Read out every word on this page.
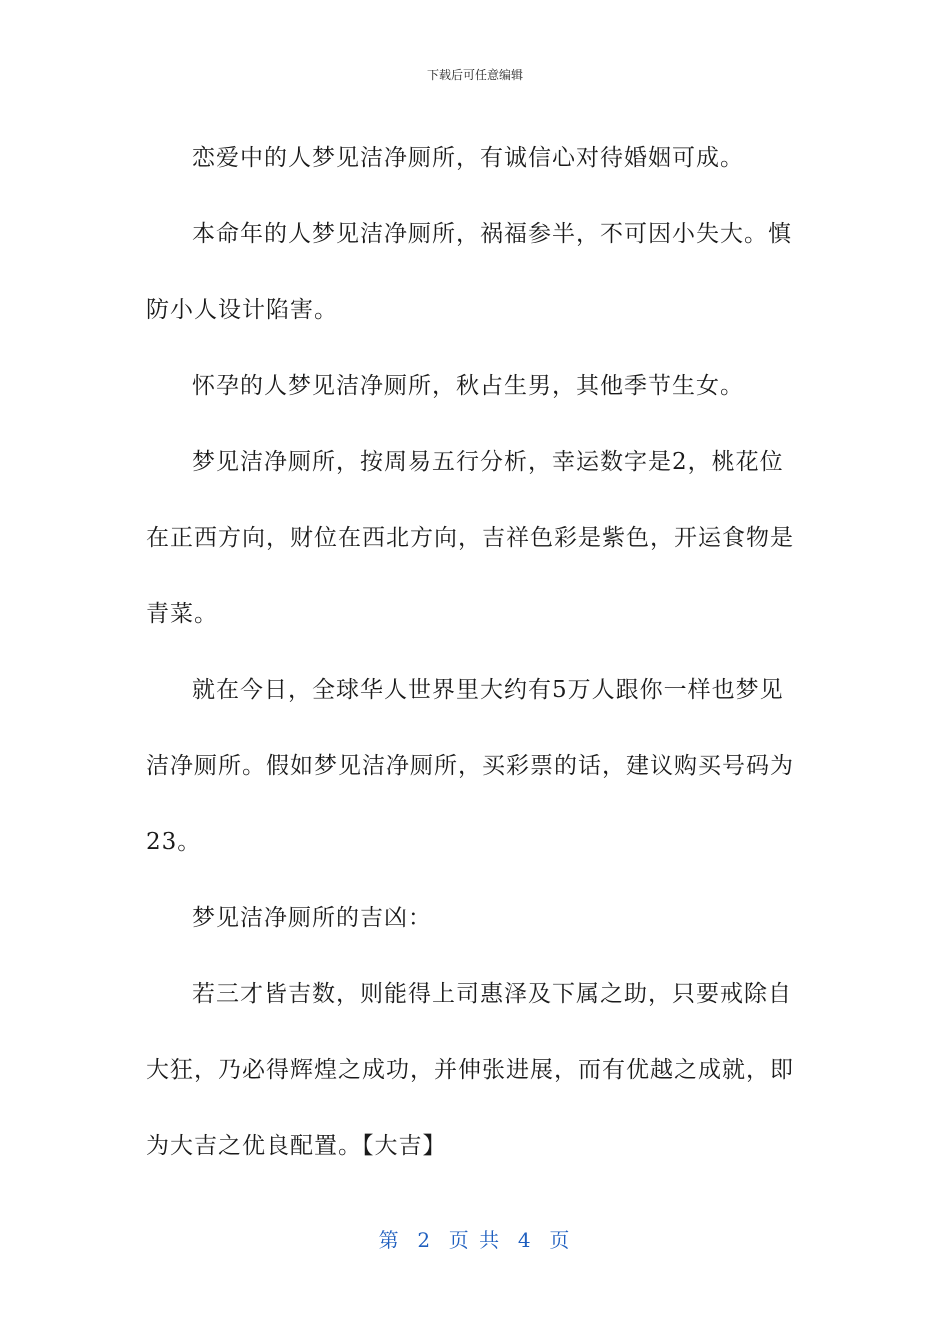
下载后可任意编辑

恋爱中的人梦见洁净厕所，有诚信心对待婚姻可成。

本命年的人梦见洁净厕所，祸福参半，不可因小失大。慎防小人设计陷害。

怀孕的人梦见洁净厕所，秋占生男，其他季节生女。

梦见洁净厕所，按周易五行分析，幸运数字是2，桃花位在正西方向，财位在西北方向，吉祥色彩是紫色，开运食物是青菜。

就在今日，全球华人世界里大约有5万人跟你一样也梦见洁净厕所。假如梦见洁净厕所，买彩票的话，建议购买号码为23。

梦见洁净厕所的吉凶：

若三才皆吉数，则能得上司惠泽及下属之助，只要戒除自大狂，乃必得辉煌之成功，并伸张进展，而有优越之成就，即为大吉之优良配置。【大吉】

第  2  页 共  4  页
